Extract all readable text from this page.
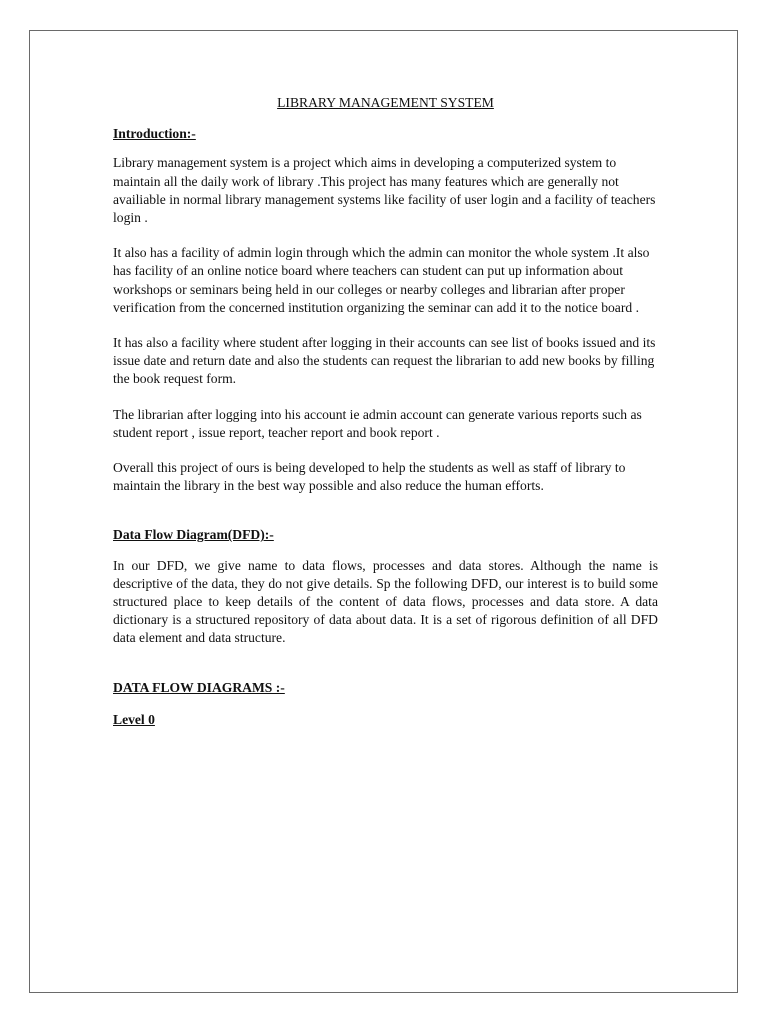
LIBRARY MANAGEMENT SYSTEM

Introduction:-

Library management system is a project which aims in developing a computerized system to maintain all the daily work of library .This project has many features which are generally not availiable in normal library management systems like facility of user login and a facility of teachers login .

It also has a facility of admin login through which the admin can monitor the whole system .It also has facility of an online notice board where teachers can student can put up information about workshops or seminars being held in our colleges or nearby colleges and librarian after proper verification from the concerned institution organizing the seminar can add it to the notice board .

It has also a facility where student after logging in their accounts can see list of books issued and its issue date and return date and also the students can request the librarian to add new books by filling the book request form.

The librarian after logging into his account ie admin account can generate various reports such as student report , issue report, teacher report and book report .

Overall this project of ours is being developed to help the students as well as staff of library to maintain the library in the best way possible and also reduce the human efforts.

Data Flow Diagram(DFD):-

In our DFD, we give name to data flows, processes and data stores. Although the name is descriptive of the data, they do not give details. Sp the following DFD, our interest is to build some structured place to keep details of the content of data flows, processes and data store. A data dictionary is a structured repository of data about data. It is a set of rigorous definition of all DFD data element and data structure.

DATA FLOW DIAGRAMS :-

Level 0
